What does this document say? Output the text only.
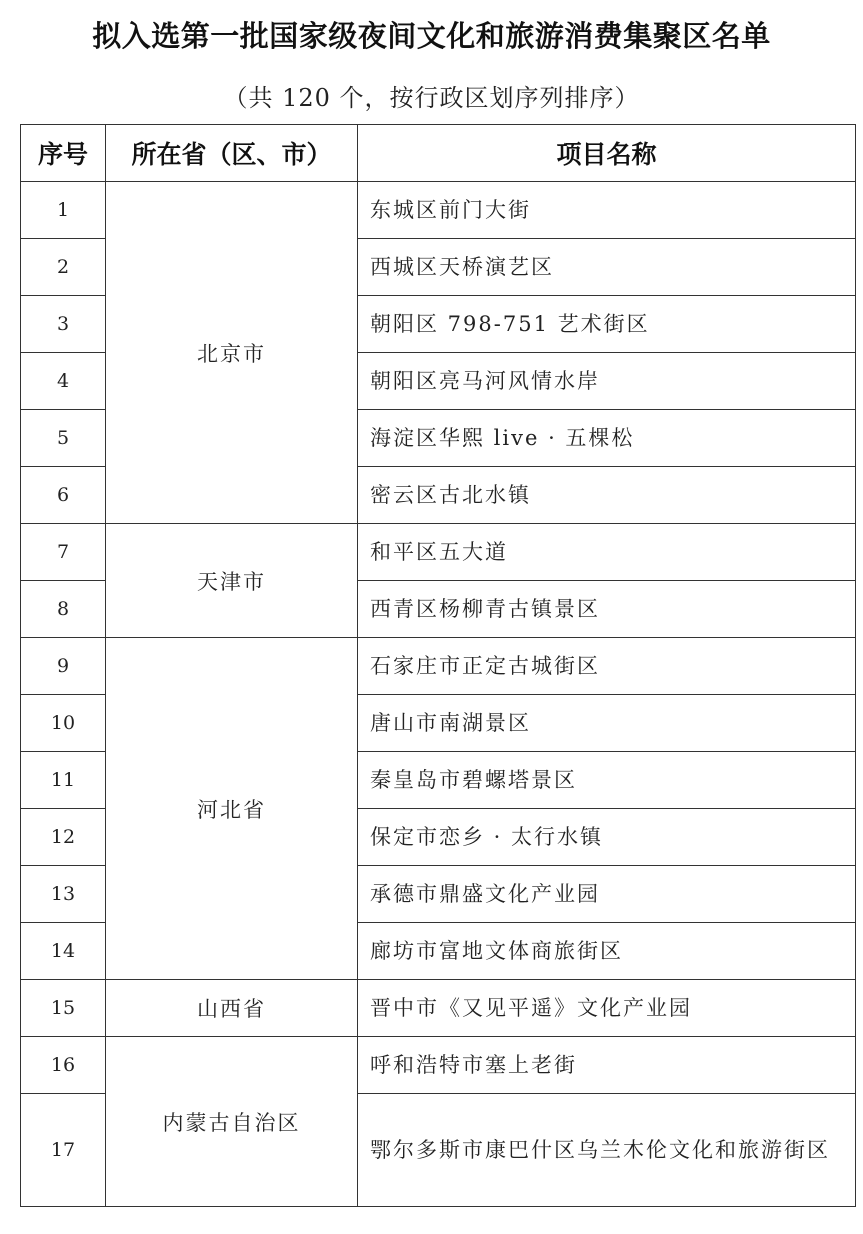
拟入选第一批国家级夜间文化和旅游消费集聚区名单
（共 120 个，按行政区划序列排序）
序号	所在省（区、市）	项目名称
1	北京市	东城区前门大街
2		西城区天桥演艺区
3		朝阳区 798-751 艺术街区
4		朝阳区亮马河风情水岸
5		海淀区华熙 live · 五棵松
6		密云区古北水镇
7	天津市	和平区五大道
8		西青区杨柳青古镇景区
9	河北省	石家庄市正定古城街区
10		唐山市南湖景区
11		秦皇岛市碧螺塔景区
12		保定市恋乡 · 太行水镇
13		承德市鼎盛文化产业园
14		廊坊市富地文体商旅街区
15	山西省	晋中市《又见平遥》文化产业园
16	内蒙古自治区	呼和浩特市塞上老街
17		鄂尔多斯市康巴什区乌兰木伦文化和旅游街区
